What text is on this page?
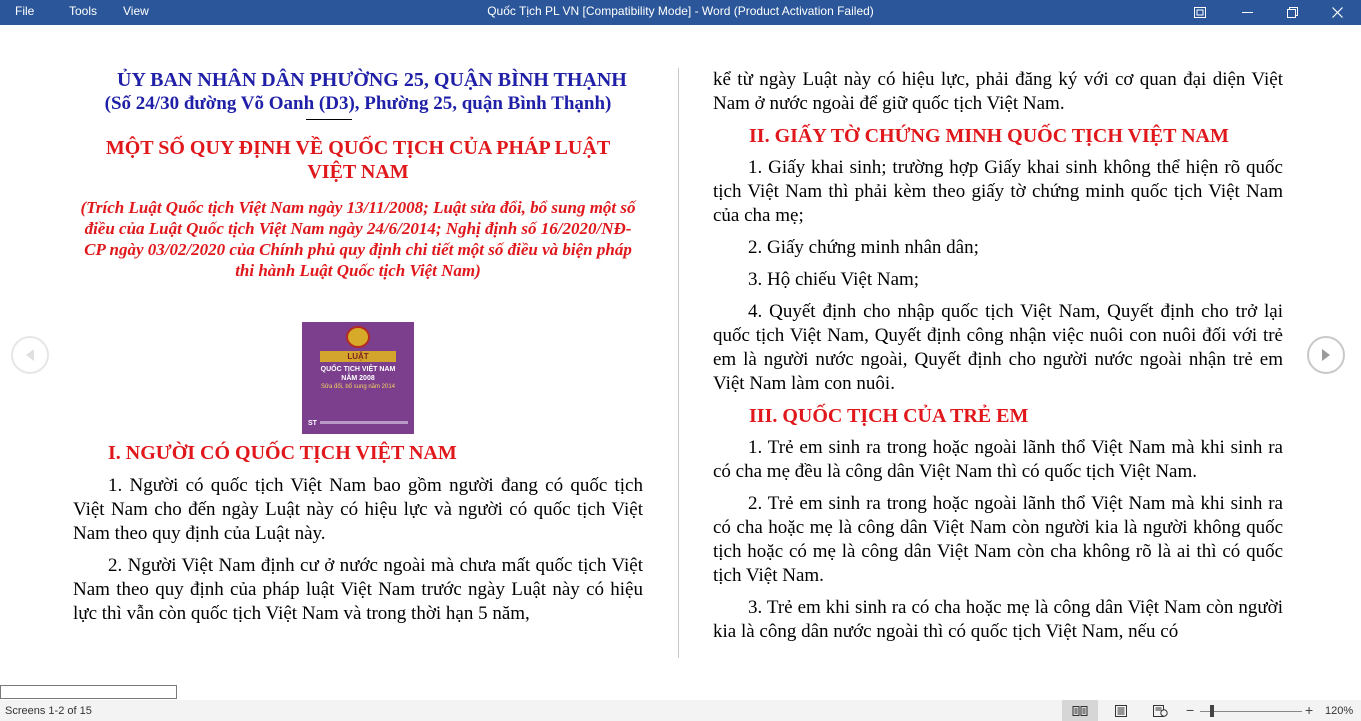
File	Tools View	Quốc Tịch PL VN [Compatibility Mode] - Word (Product Activation Failed)
ỦY BAN NHÂN DÂN PHƯỜNG 25, QUẬN BÌNH THẠNH
(Số 24/30 đường Võ Oanh (D3), Phường 25, quận Bình Thạnh)
MỘT SỐ QUY ĐỊNH VỀ QUỐC TỊCH CỦA PHÁP LUẬT VIỆT NAM
(Trích Luật Quốc tịch Việt Nam ngày 13/11/2008; Luật sửa đổi, bổ sung một số điều của Luật Quốc tịch Việt Nam ngày 24/6/2014; Nghị định số 16/2020/NĐ-CP ngày 03/02/2020 của Chính phủ quy định chi tiết một số điều và biện pháp thi hành Luật Quốc tịch Việt Nam)
LUẬT
QUỐC TỊCH VIỆT NAM
NĂM 2008
Sửa đổi, bổ sung năm 2014
ST
I. NGƯỜI CÓ QUỐC TỊCH VIỆT NAM

1. Người có quốc tịch Việt Nam bao gồm người đang có quốc tịch Việt Nam cho đến ngày Luật này có hiệu lực và người có quốc tịch Việt Nam theo quy định của Luật này.

2. Người Việt Nam định cư ở nước ngoài mà chưa mất quốc tịch Việt Nam theo quy định của pháp luật Việt Nam trước ngày Luật này có hiệu lực thì vẫn còn quốc tịch Việt Nam và trong thời hạn 5 năm,

kể từ ngày Luật này có hiệu lực, phải đăng ký với cơ quan đại diện Việt Nam ở nước ngoài để giữ quốc tịch Việt Nam.

II. GIẤY TỜ CHỨNG MINH QUỐC TỊCH VIỆT NAM

1. Giấy khai sinh; trường hợp Giấy khai sinh không thể hiện rõ quốc tịch Việt Nam thì phải kèm theo giấy tờ chứng minh quốc tịch Việt Nam của cha mẹ;

2. Giấy chứng minh nhân dân;

3. Hộ chiếu Việt Nam;

4. Quyết định cho nhập quốc tịch Việt Nam, Quyết định cho trở lại quốc tịch Việt Nam, Quyết định công nhận việc nuôi con nuôi đối với trẻ em là người nước ngoài, Quyết định cho người nước ngoài nhận trẻ em Việt Nam làm con nuôi.

III. QUỐC TỊCH CỦA TRẺ EM

1. Trẻ em sinh ra trong hoặc ngoài lãnh thổ Việt Nam mà khi sinh ra có cha mẹ đều là công dân Việt Nam thì có quốc tịch Việt Nam.

2. Trẻ em sinh ra trong hoặc ngoài lãnh thổ Việt Nam mà khi sinh ra có cha hoặc mẹ là công dân Việt Nam còn người kia là người không quốc tịch hoặc có mẹ là công dân Việt Nam còn cha không rõ là ai thì có quốc tịch Việt Nam.

3. Trẻ em khi sinh ra có cha hoặc mẹ là công dân Việt Nam còn người kia là công dân nước ngoài thì có quốc tịch Việt Nam, nếu có

Screens 1-2 of 15	−	+ 120%
